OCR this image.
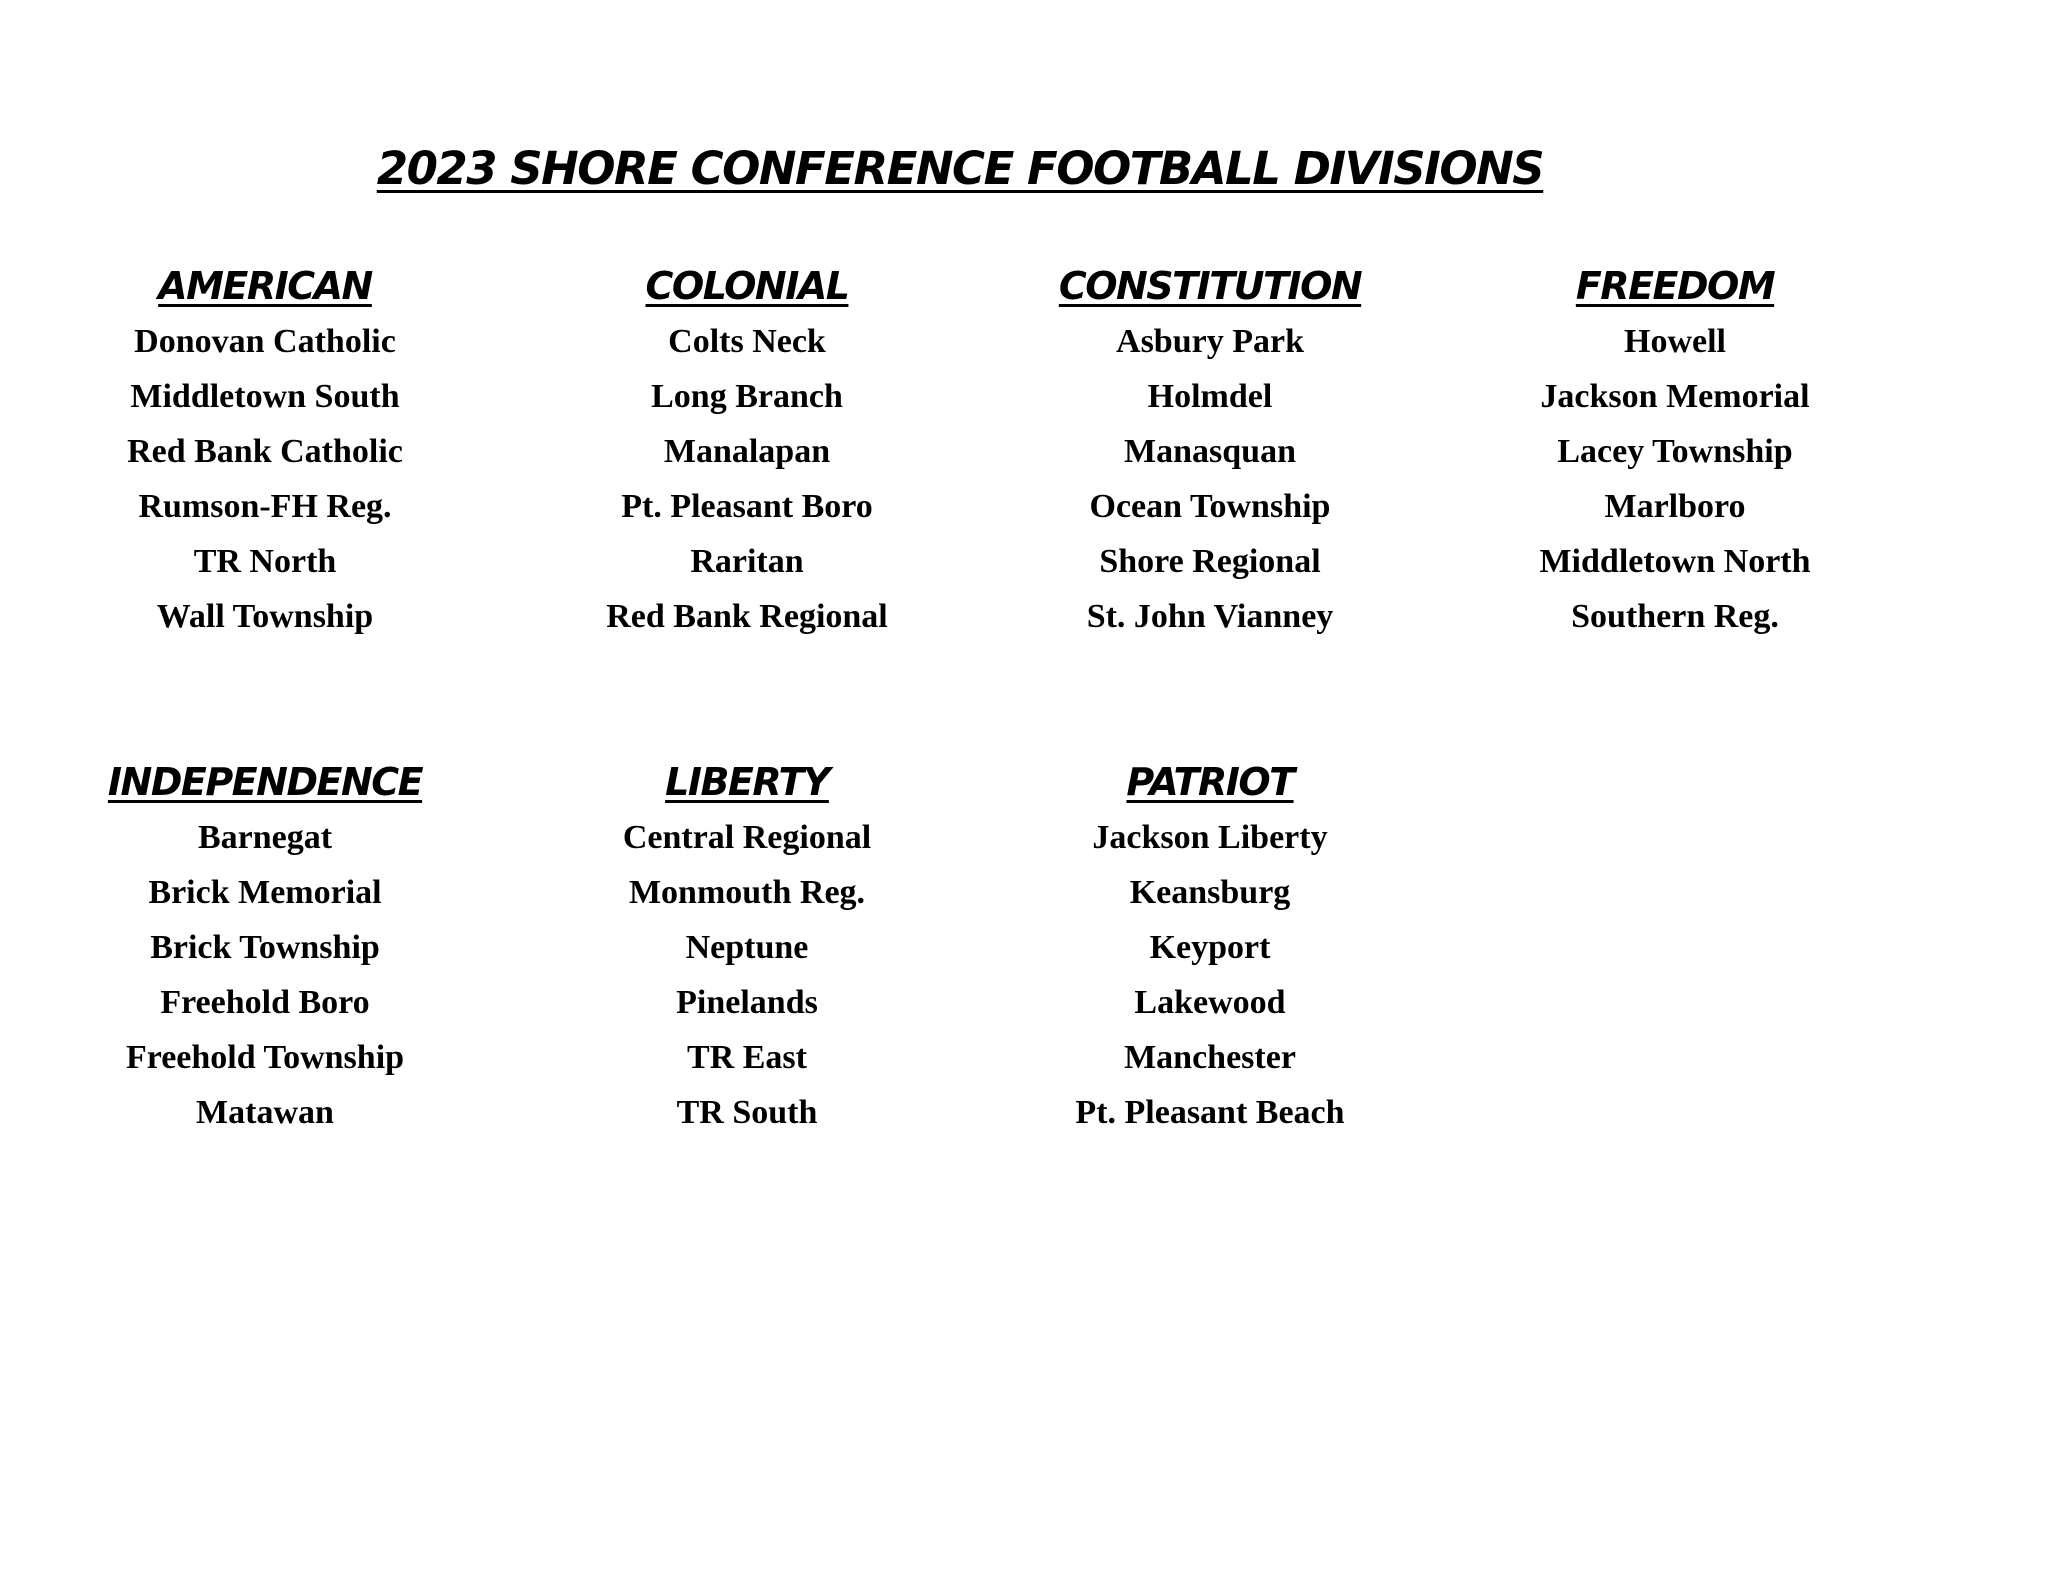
2023 SHORE CONFERENCE FOOTBALL DIVISIONS
AMERICAN
Donovan Catholic
Middletown South
Red Bank Catholic
Rumson-FH Reg.
TR North
Wall Township
COLONIAL
Colts Neck
Long Branch
Manalapan
Pt. Pleasant Boro
Raritan
Red Bank Regional
CONSTITUTION
Asbury Park
Holmdel
Manasquan
Ocean Township
Shore Regional
St. John Vianney
FREEDOM
Howell
Jackson Memorial
Lacey Township
Marlboro
Middletown North
Southern Reg.
INDEPENDENCE
Barnegat
Brick Memorial
Brick Township
Freehold Boro
Freehold Township
Matawan
LIBERTY
Central Regional
Monmouth Reg.
Neptune
Pinelands
TR East
TR South
PATRIOT
Jackson Liberty
Keansburg
Keyport
Lakewood
Manchester
Pt. Pleasant Beach
